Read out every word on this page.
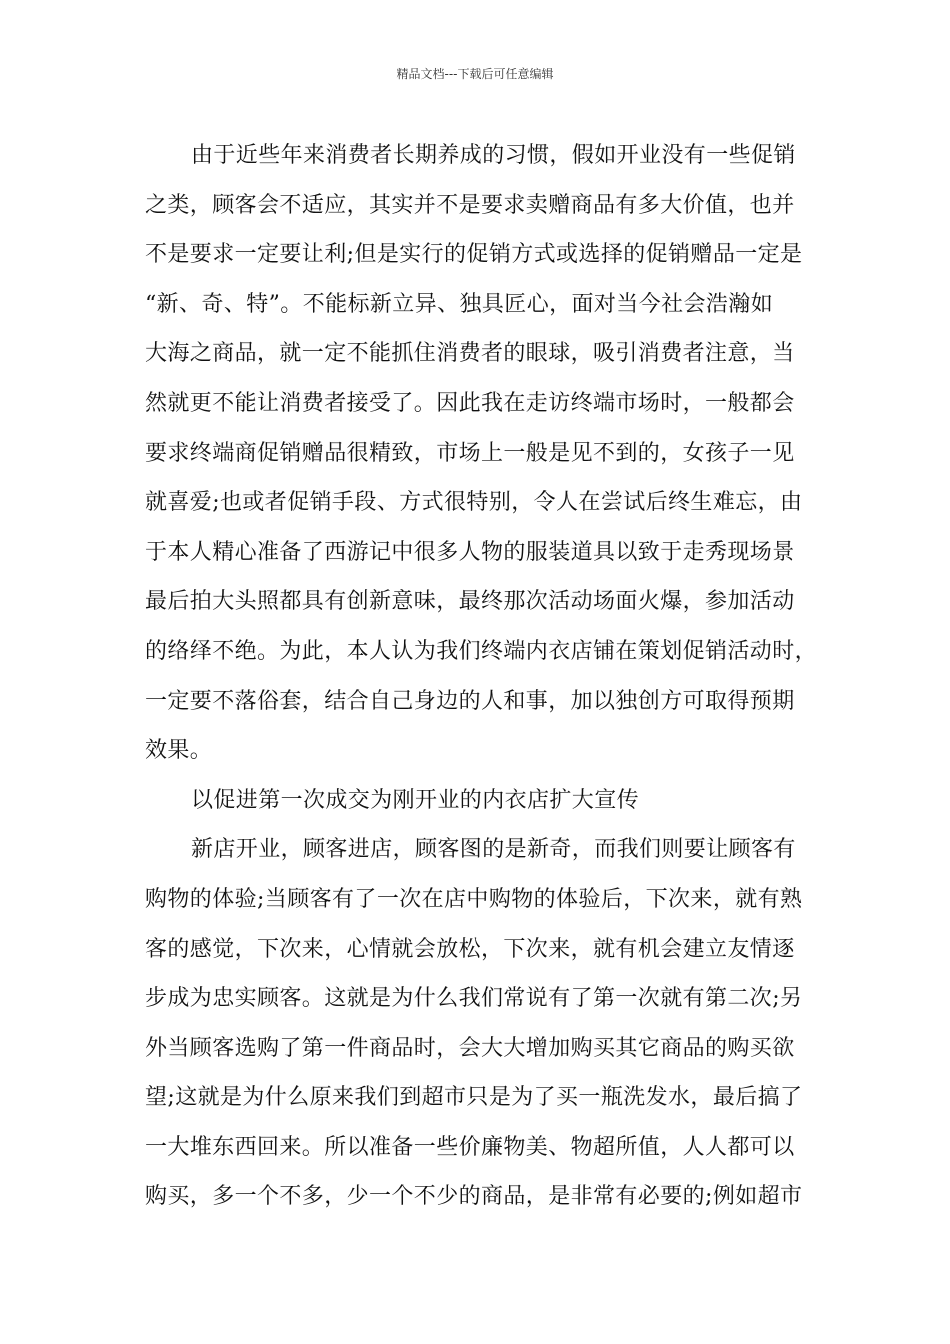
精品文档---下载后可任意编辑
由于近些年来消费者长期养成的习惯，假如开业没有一些促销
之类，顾客会不适应，其实并不是要求卖赠商品有多大价值，也并
不是要求一定要让利;但是实行的促销方式或选择的促销赠品一定是
“新、奇、特”。不能标新立异、独具匠心，面对当今社会浩瀚如
大海之商品，就一定不能抓住消费者的眼球，吸引消费者注意，当
然就更不能让消费者接受了。因此我在走访终端市场时，一般都会
要求终端商促销赠品很精致，市场上一般是见不到的，女孩子一见
就喜爱;也或者促销手段、方式很特别，令人在尝试后终生难忘，由
于本人精心准备了西游记中很多人物的服装道具以致于走秀现场景
最后拍大头照都具有创新意味，最终那次活动场面火爆，参加活动
的络绎不绝。为此，本人认为我们终端内衣店铺在策划促销活动时，
一定要不落俗套，结合自己身边的人和事，加以独创方可取得预期
效果。
以促进第一次成交为刚开业的内衣店扩大宣传
新店开业，顾客进店，顾客图的是新奇，而我们则要让顾客有
购物的体验;当顾客有了一次在店中购物的体验后，下次来，就有熟
客的感觉，下次来，心情就会放松，下次来，就有机会建立友情逐
步成为忠实顾客。这就是为什么我们常说有了第一次就有第二次;另
外当顾客选购了第一件商品时，会大大增加购买其它商品的购买欲
望;这就是为什么原来我们到超市只是为了买一瓶洗发水，最后搞了
一大堆东西回来。所以准备一些价廉物美、物超所值，人人都可以
购买，多一个不多，少一个不少的商品，是非常有必要的;例如超市
